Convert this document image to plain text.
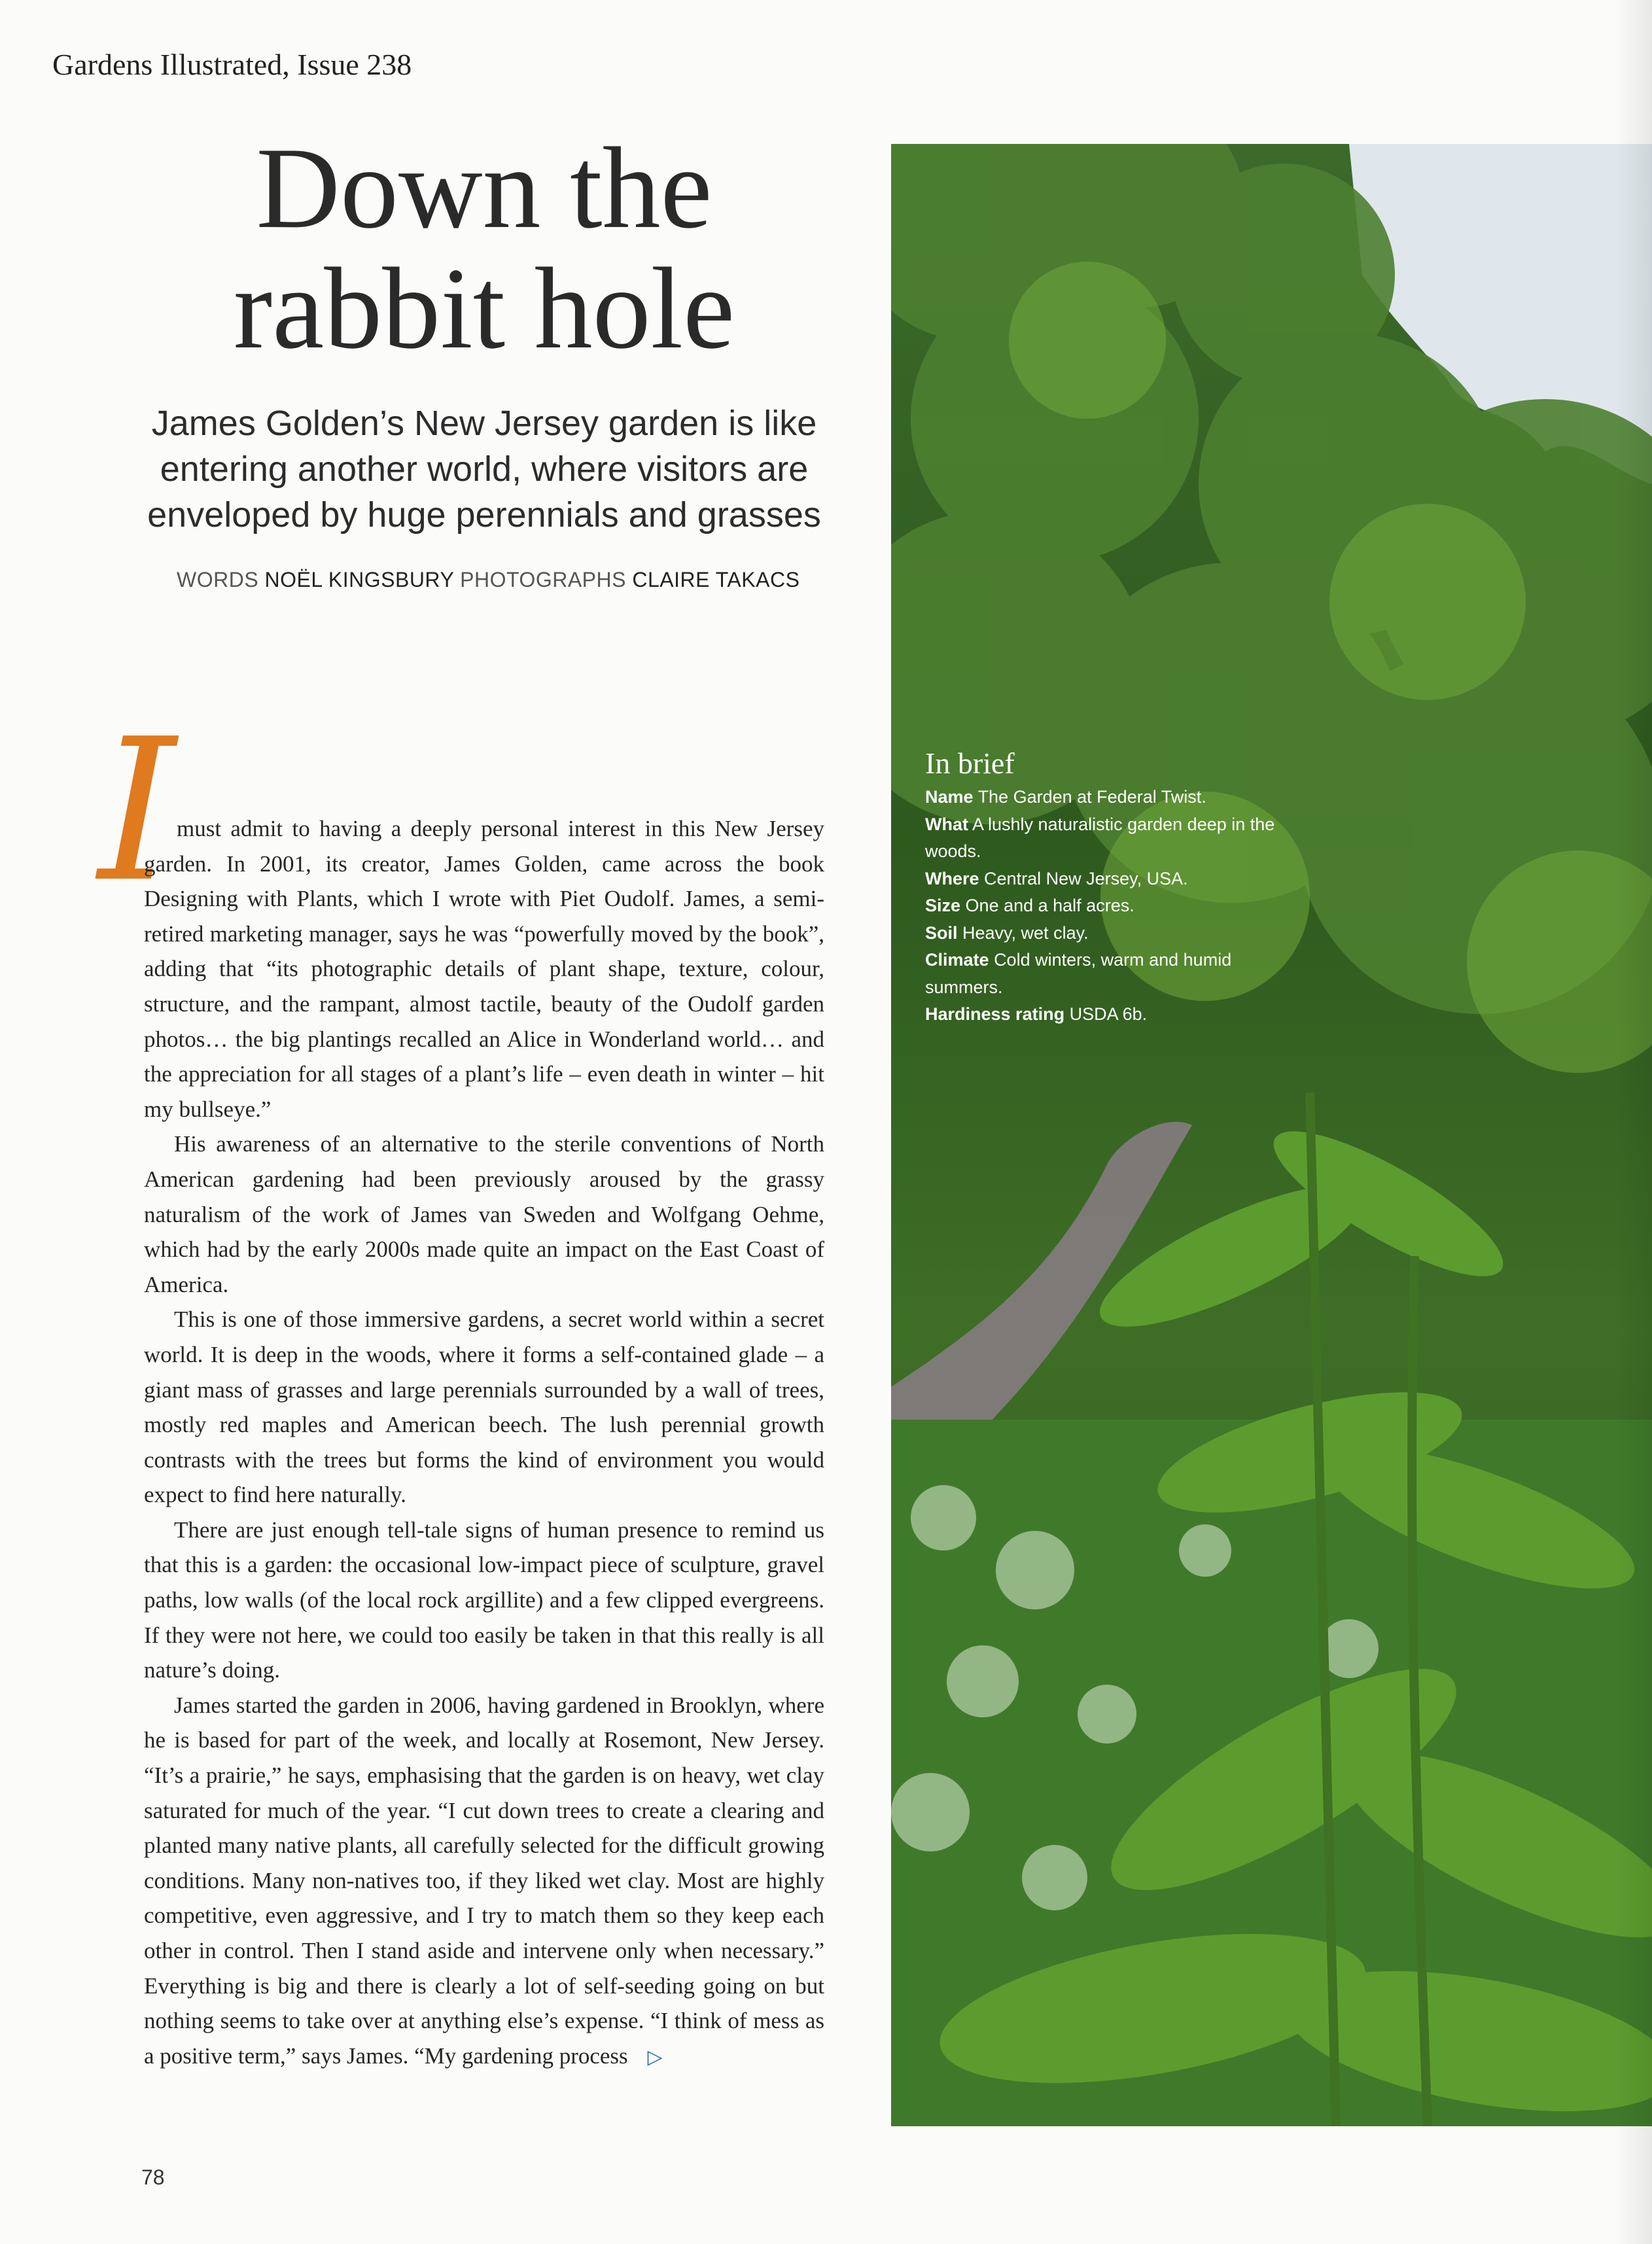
Gardens Illustrated, Issue 238
Down the
rabbit hole
James Golden’s New Jersey garden is like entering another world, where visitors are enveloped by huge perennials and grasses
WORDS NOËL KINGSBURY PHOTOGRAPHS CLAIRE TAKACS
I must admit to having a deeply personal interest in this New Jersey garden. In 2001, its creator, James Golden, came across the book Designing with Plants, which I wrote with Piet Oudolf. James, a semi-retired marketing manager, says he was “powerfully moved by the book”, adding that “its photographic details of plant shape, texture, colour, structure, and the rampant, almost tactile, beauty of the Oudolf garden photos… the big plantings recalled an Alice in Wonderland world… and the appreciation for all stages of a plant’s life – even death in winter – hit my bullseye.”

His awareness of an alternative to the sterile conventions of North American gardening had been previously aroused by the grassy naturalism of the work of James van Sweden and Wolfgang Oehme, which had by the early 2000s made quite an impact on the East Coast of America.

This is one of those immersive gardens, a secret world within a secret world. It is deep in the woods, where it forms a self-contained glade – a giant mass of grasses and large perennials surrounded by a wall of trees, mostly red maples and American beech. The lush perennial growth contrasts with the trees but forms the kind of environment you would expect to find here naturally.

There are just enough tell-tale signs of human presence to remind us that this is a garden: the occasional low-impact piece of sculpture, gravel paths, low walls (of the local rock argillite) and a few clipped evergreens. If they were not here, we could too easily be taken in that this really is all nature’s doing.

James started the garden in 2006, having gardened in Brooklyn, where he is based for part of the week, and locally at Rosemont, New Jersey. “It’s a prairie,” he says, emphasising that the garden is on heavy, wet clay saturated for much of the year. “I cut down trees to create a clearing and planted many native plants, all carefully selected for the difficult growing conditions. Many non-natives too, if they liked wet clay. Most are highly competitive, even aggressive, and I try to match them so they keep each other in control. Then I stand aside and intervene only when necessary.” Everything is big and there is clearly a lot of self-seeding going on but nothing seems to take over at anything else’s expense. “I think of mess as a positive term,” says James. “My gardening process ▷

78
In brief
Name The Garden at Federal Twist.
What A lushly naturalistic garden deep in the woods.
Where Central New Jersey, USA.
Size One and a half acres.
Soil Heavy, wet clay.
Climate Cold winters, warm and humid summers.
Hardiness rating USDA 6b.
